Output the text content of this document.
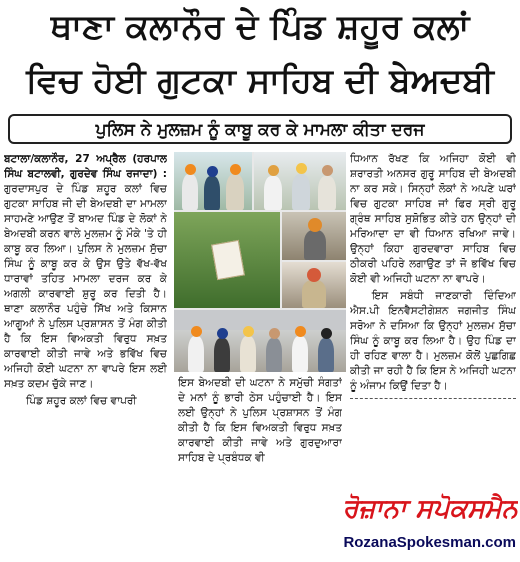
ਥਾਣਾ ਕਲਾਨੌਰ ਦੇ ਪਿੰਡ ਸ਼ਹੂਰ ਕਲਾਂ
ਵਿਚ ਹੋਈ ਗੁਟਕਾ ਸਾਹਿਬ ਦੀ ਬੇਅਦਬੀ
ਪੁਲਿਸ ਨੇ ਮੁਲਜ਼ਮ ਨੂੰ ਕਾਬੂ ਕਰ ਕੇ ਮਾਮਲਾ ਕੀਤਾ ਦਰਜ

ਬਟਾਲਾ/ਕਲਾਨੌਰ, 27 ਅਪ੍ਰੈਲ (ਹਰਪਾਲ ਸਿੰਘ ਬਟਾਲਵੀ, ਗੁਰਦੇਵ ਸਿੰਘ ਰਜਾਦਾ) : ਗੁਰਦਾਸਪੁਰ ਦੇ ਪਿੰਡ ਸ਼ਹੂਰ ਕਲਾਂ ਵਿਚ ਗੁਟਕਾ ਸਾਹਿਬ ਜੀ ਦੀ ਬੇਅਦਬੀ ਦਾ ਮਾਮਲਾ ਸਾਹਮਣੇ ਆਉਣ ਤੋਂ ਬਾਅਦ ਪਿੰਡ ਦੇ ਲੋਕਾਂ ਨੇ ਬੇਅਦਬੀ ਕਰਨ ਵਾਲੇ ਮੁਲਜ਼ਮ ਨੂੰ ਮੌਕੇ 'ਤੇ ਹੀ ਕਾਬੂ ਕਰ ਲਿਆ। ਪੁਲਿਸ ਨੇ ਮੁਲਜ਼ਮ ਸੁੱਚਾ ਸਿੰਘ ਨੂੰ ਕਾਬੂ ਕਰ ਕੇ ਉਸ ਉਤੇ ਵੱਖ-ਵੱਖ ਧਾਰਾਵਾਂ ਤਹਿਤ ਮਾਮਲਾ ਦਰਜ ਕਰ ਕੇ ਅਗਲੀ ਕਾਰਵਾਈ ਸ਼ੁਰੂ ਕਰ ਦਿਤੀ ਹੈ। ਥਾਣਾ ਕਲਾਨੌਰ ਪਹੁੰਚੇ ਸਿੱਖ ਅਤੇ ਕਿਸਾਨ ਆਗੂਆਂ ਨੇ ਪੁਲਿਸ ਪ੍ਰਸ਼ਾਸਨ ਤੋਂ ਮੰਗ ਕੀਤੀ ਹੈ ਕਿ ਇਸ ਵਿਅਕਤੀ ਵਿਰੁਧ ਸਖ਼ਤ ਕਾਰਵਾਈ ਕੀਤੀ ਜਾਵੇ ਅਤੇ ਭਵਿੱਖ ਵਿਚ ਅਜਿਹੀ ਕੋਈ ਘਟਨਾ ਨਾ ਵਾਪਰੇ ਇਸ ਲਈ ਸਖ਼ਤ ਕਦਮ ਚੁੱਕੇ ਜਾਣ।

ਪਿੰਡ ਸ਼ਹੂਰ ਕਲਾਂ ਵਿਚ ਵਾਪਰੀ

ਇਸ ਬੇਅਦਬੀ ਦੀ ਘਟਨਾ ਨੇ ਸਮੁੱਚੀ ਸੰਗਤਾਂ ਦੇ ਮਨਾਂ ਨੂੰ ਭਾਰੀ ਠੇਸ ਪਹੁੰਚਾਈ ਹੈ। ਇਸ ਲਈ ਉਨ੍ਹਾਂ ਨੇ ਪੁਲਿਸ ਪ੍ਰਸ਼ਾਸਨ ਤੋਂ ਮੰਗ ਕੀਤੀ ਹੈ ਕਿ ਇਸ ਵਿਅਕਤੀ ਵਿਰੁਧ ਸਖ਼ਤ ਕਾਰਵਾਈ ਕੀਤੀ ਜਾਵੇ ਅਤੇ ਗੁਰਦੁਆਰਾ ਸਾਹਿਬ ਦੇ ਪ੍ਰਬੰਧਕ ਵੀ

ਧਿਆਨ ਰੱਖਣ ਕਿ ਅਜਿਹਾ ਕੋਈ ਵੀ ਸ਼ਰਾਰਤੀ ਅਨਸਰ ਗੁਰੂ ਸਾਹਿਬ ਦੀ ਬੇਅਦਬੀ ਨਾ ਕਰ ਸਕੇ। ਸਿਨ੍ਹਾਂ ਲੋਕਾਂ ਨੇ ਅਪਣੇ ਘਰਾਂ ਵਿਚ ਗੁਟਕਾ ਸਾਹਿਬ ਜਾਂ ਫਿਰ ਸ੍ਰੀ ਗੁਰੂ ਗ੍ਰੰਥ ਸਾਹਿਬ ਸੁਸ਼ੋਭਿਤ ਕੀਤੇ ਹਨ ਉਨ੍ਹਾਂ ਦੀ ਮਰਿਆਦਾ ਦਾ ਵੀ ਧਿਆਨ ਰਖਿਆ ਜਾਵੇ। ਉਨ੍ਹਾਂ ਕਿਹਾ ਗੁਰਦਵਾਰਾ ਸਾਹਿਬ ਵਿਚ ਠੀਕਰੀ ਪਹਿਰੇ ਲਗਾਉਣ ਤਾਂ ਜੋ ਭਵਿੱਖ ਵਿਚ ਕੋਈ ਵੀ ਅਜਿਹੀ ਘਟਨਾ ਨਾ ਵਾਪਰੇ।

ਇਸ ਸਬੰਧੀ ਜਾਣਕਾਰੀ ਦਿੰਦਿਆ ਐਸ.ਪੀ ਇਨਵੈਸਟੀਗੇਸ਼ਨ ਜਗਜੀਤ ਸਿੰਘ ਸਰੋਆ ਨੇ ਦਸਿਆ ਕਿ ਉਨ੍ਹਾਂ ਮੁਲਜ਼ਮ ਸੁੱਚਾ ਸਿੰਘ ਨੂੰ ਕਾਬੂ ਕਰ ਲਿਆ ਹੈ। ਉਹ ਪਿੰਡ ਦਾ ਹੀ ਰਹਿਣ ਵਾਲਾ ਹੈ। ਮੁਲਜ਼ਮ ਕੋਲੋਂ ਪੁਛਗਿਛ ਕੀਤੀ ਜਾ ਰਹੀ ਹੈ ਕਿ ਇਸ ਨੇ ਅਜਿਹੀ ਘਟਨਾ ਨੂੰ ਅੰਜਾਮ ਕਿਉਂ ਦਿਤਾ ਹੈ।

ਰੋਜ਼ਾਨਾ ਸਪੋਕਸਮੈਨ
RozanaSpokesman.com
